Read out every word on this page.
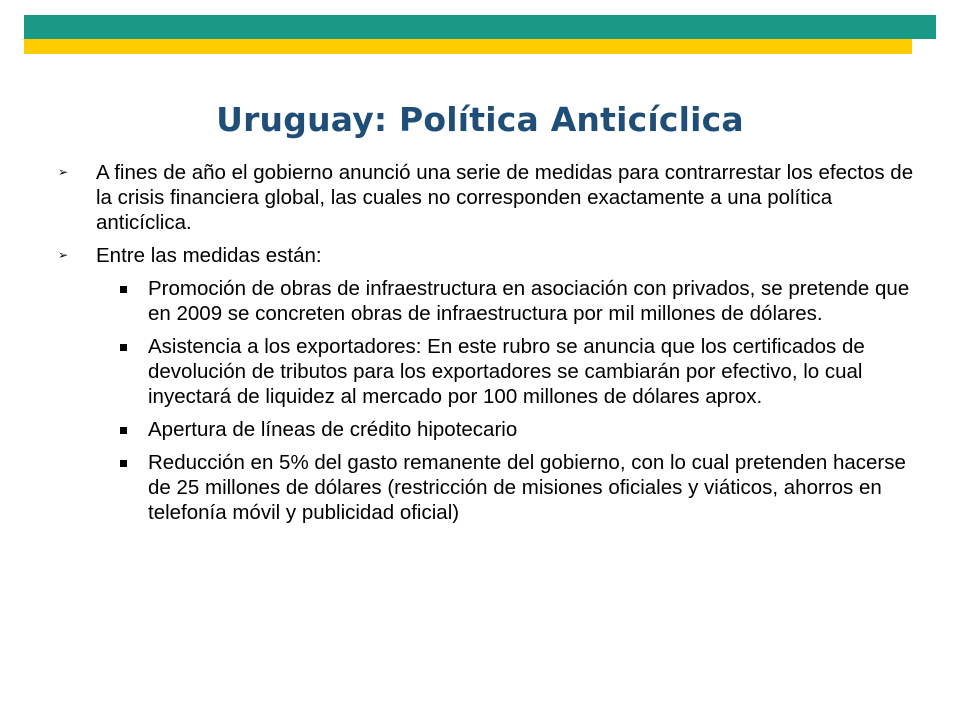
Uruguay: Política Anticíclica
➢ A fines de año el gobierno anunció una serie de medidas para contrarrestar los efectos de la crisis financiera global, las cuales no corresponden exactamente a una política anticíclica.
➢ Entre las medidas están:
Promoción de obras de infraestructura en asociación con privados, se pretende que en 2009 se concreten obras de infraestructura por mil millones de dólares.
Asistencia a los exportadores: En este rubro se anuncia que los certificados de devolución de tributos para los exportadores se cambiarán por efectivo, lo cual inyectará de liquidez al mercado por 100 millones de dólares aprox.
Apertura de líneas de crédito hipotecario
Reducción en 5% del gasto remanente del gobierno, con lo cual pretenden hacerse de 25 millones de dólares (restricción de misiones oficiales y viáticos, ahorros en telefonía móvil y publicidad oficial)
